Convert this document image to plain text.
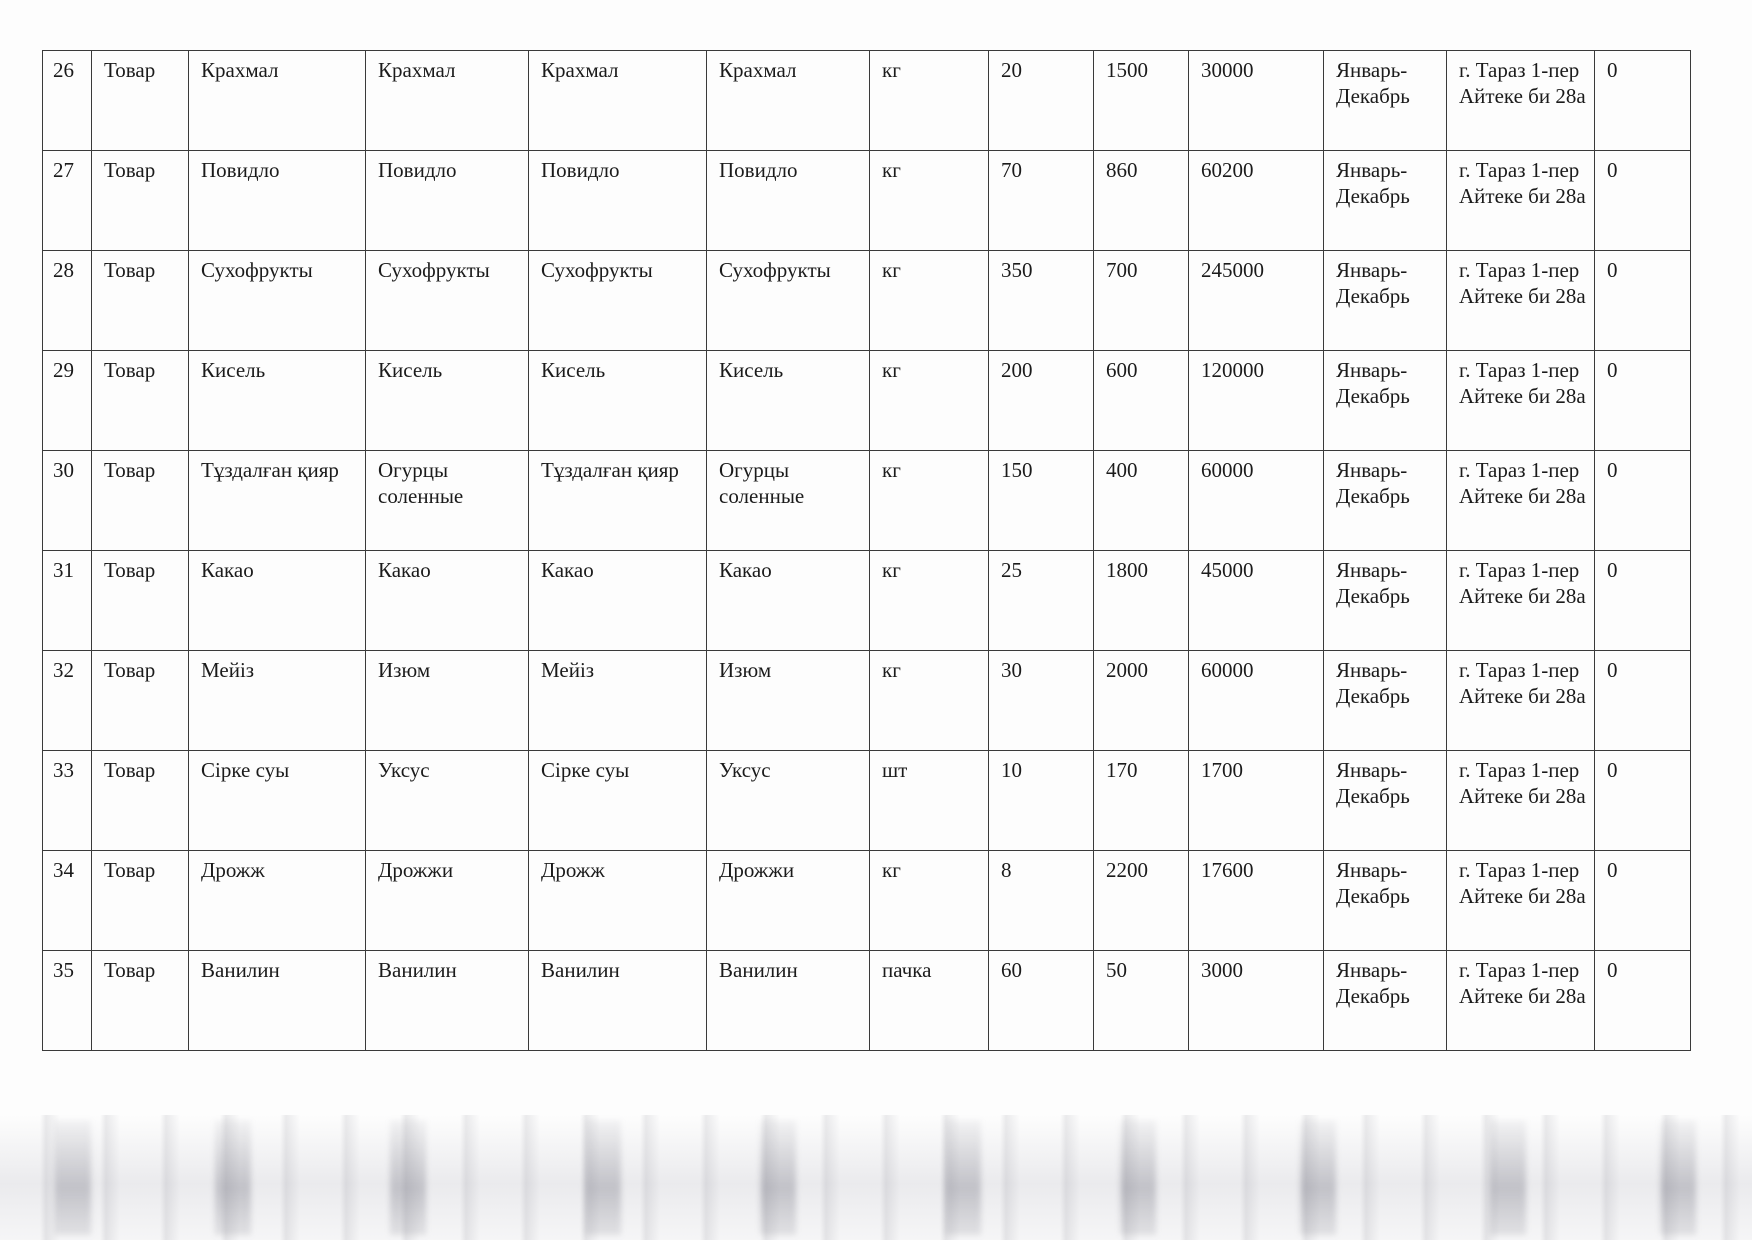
26	Товар	Крахмал	Крахмал	Крахмал	Крахмал	кг	20	1500	30000	Январь-Декабрь	г. Тараз 1-пер Айтеке би 28а	0
27	Товар	Повидло	Повидло	Повидло	Повидло	кг	70	860	60200	Январь-Декабрь	г. Тараз 1-пер Айтеке би 28а	0
28	Товар	Сухофрукты	Сухофрукты	Сухофрукты	Сухофрукты	кг	350	700	245000	Январь-Декабрь	г. Тараз 1-пер Айтеке би 28а	0
29	Товар	Кисель	Кисель	Кисель	Кисель	кг	200	600	120000	Январь-Декабрь	г. Тараз 1-пер Айтеке би 28а	0
30	Товар	Тұздалған қияр	Огурцы соленные	Тұздалған қияр	Огурцы соленные	кг	150	400	60000	Январь-Декабрь	г. Тараз 1-пер Айтеке би 28а	0
31	Товар	Какао	Какао	Какао	Какао	кг	25	1800	45000	Январь-Декабрь	г. Тараз 1-пер Айтеке би 28а	0
32	Товар	Мейіз	Изюм	Мейіз	Изюм	кг	30	2000	60000	Январь-Декабрь	г. Тараз 1-пер Айтеке би 28а	0
33	Товар	Сірке суы	Уксус	Сірке суы	Уксус	шт	10	170	1700	Январь-Декабрь	г. Тараз 1-пер Айтеке би 28а	0
34	Товар	Дрожж	Дрожжи	Дрожж	Дрожжи	кг	8	2200	17600	Январь-Декабрь	г. Тараз 1-пер Айтеке би 28а	0
35	Товар	Ванилин	Ванилин	Ванилин	Ванилин	пачка	60	50	3000	Январь-Декабрь	г. Тараз 1-пер Айтеке би 28а	0
